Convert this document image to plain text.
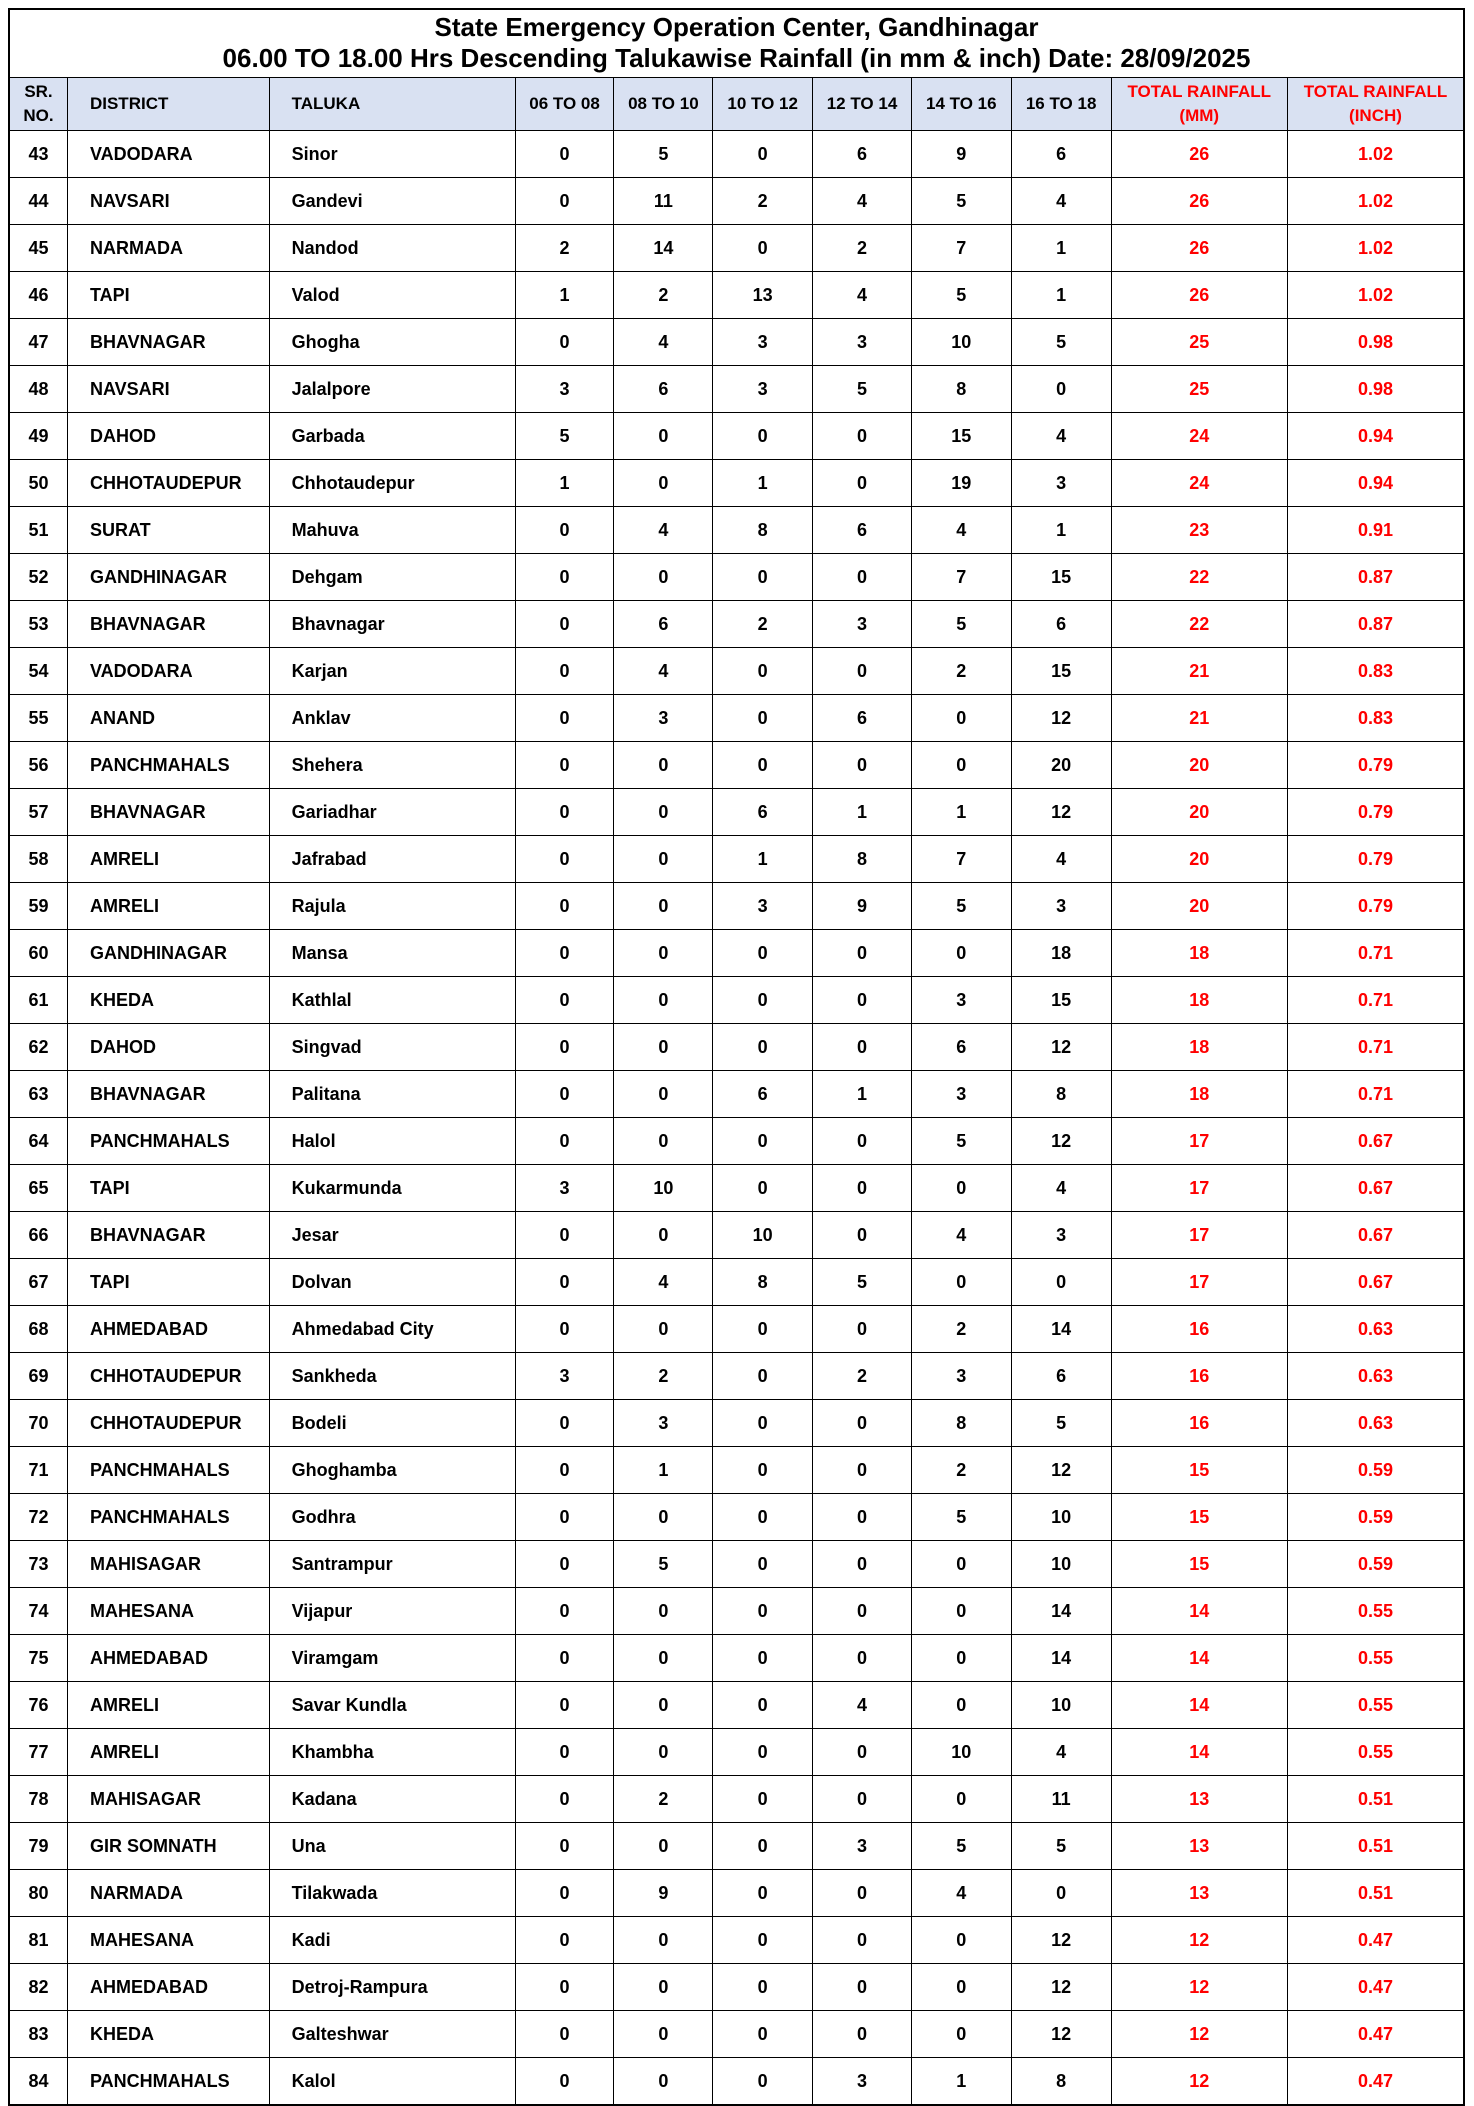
State Emergency Operation Center, Gandhinagar
06.00 TO 18.00 Hrs Descending Talukawise Rainfall (in mm & inch) Date: 28/09/2025
SR.
NO.	DISTRICT	TALUKA	06 TO 08	08 TO 10	10 TO 12	12 TO 14	14 TO 16	16 TO 18	TOTAL RAINFALL
(MM)	TOTAL RAINFALL
(INCH)
43	VADODARA	Sinor	0	5	0	6	9	6	26	1.02
44	NAVSARI	Gandevi	0	11	2	4	5	4	26	1.02
45	NARMADA	Nandod	2	14	0	2	7	1	26	1.02
46	TAPI	Valod	1	2	13	4	5	1	26	1.02
47	BHAVNAGAR	Ghogha	0	4	3	3	10	5	25	0.98
48	NAVSARI	Jalalpore	3	6	3	5	8	0	25	0.98
49	DAHOD	Garbada	5	0	0	0	15	4	24	0.94
50	CHHOTAUDEPUR	Chhotaudepur	1	0	1	0	19	3	24	0.94
51	SURAT	Mahuva	0	4	8	6	4	1	23	0.91
52	GANDHINAGAR	Dehgam	0	0	0	0	7	15	22	0.87
53	BHAVNAGAR	Bhavnagar	0	6	2	3	5	6	22	0.87
54	VADODARA	Karjan	0	4	0	0	2	15	21	0.83
55	ANAND	Anklav	0	3	0	6	0	12	21	0.83
56	PANCHMAHALS	Shehera	0	0	0	0	0	20	20	0.79
57	BHAVNAGAR	Gariadhar	0	0	6	1	1	12	20	0.79
58	AMRELI	Jafrabad	0	0	1	8	7	4	20	0.79
59	AMRELI	Rajula	0	0	3	9	5	3	20	0.79
60	GANDHINAGAR	Mansa	0	0	0	0	0	18	18	0.71
61	KHEDA	Kathlal	0	0	0	0	3	15	18	0.71
62	DAHOD	Singvad	0	0	0	0	6	12	18	0.71
63	BHAVNAGAR	Palitana	0	0	6	1	3	8	18	0.71
64	PANCHMAHALS	Halol	0	0	0	0	5	12	17	0.67
65	TAPI	Kukarmunda	3	10	0	0	0	4	17	0.67
66	BHAVNAGAR	Jesar	0	0	10	0	4	3	17	0.67
67	TAPI	Dolvan	0	4	8	5	0	0	17	0.67
68	AHMEDABAD	Ahmedabad City	0	0	0	0	2	14	16	0.63
69	CHHOTAUDEPUR	Sankheda	3	2	0	2	3	6	16	0.63
70	CHHOTAUDEPUR	Bodeli	0	3	0	0	8	5	16	0.63
71	PANCHMAHALS	Ghoghamba	0	1	0	0	2	12	15	0.59
72	PANCHMAHALS	Godhra	0	0	0	0	5	10	15	0.59
73	MAHISAGAR	Santrampur	0	5	0	0	0	10	15	0.59
74	MAHESANA	Vijapur	0	0	0	0	0	14	14	0.55
75	AHMEDABAD	Viramgam	0	0	0	0	0	14	14	0.55
76	AMRELI	Savar Kundla	0	0	0	4	0	10	14	0.55
77	AMRELI	Khambha	0	0	0	0	10	4	14	0.55
78	MAHISAGAR	Kadana	0	2	0	0	0	11	13	0.51
79	GIR SOMNATH	Una	0	0	0	3	5	5	13	0.51
80	NARMADA	Tilakwada	0	9	0	0	4	0	13	0.51
81	MAHESANA	Kadi	0	0	0	0	0	12	12	0.47
82	AHMEDABAD	Detroj-Rampura	0	0	0	0	0	12	12	0.47
83	KHEDA	Galteshwar	0	0	0	0	0	12	12	0.47
84	PANCHMAHALS	Kalol	0	0	0	3	1	8	12	0.47
